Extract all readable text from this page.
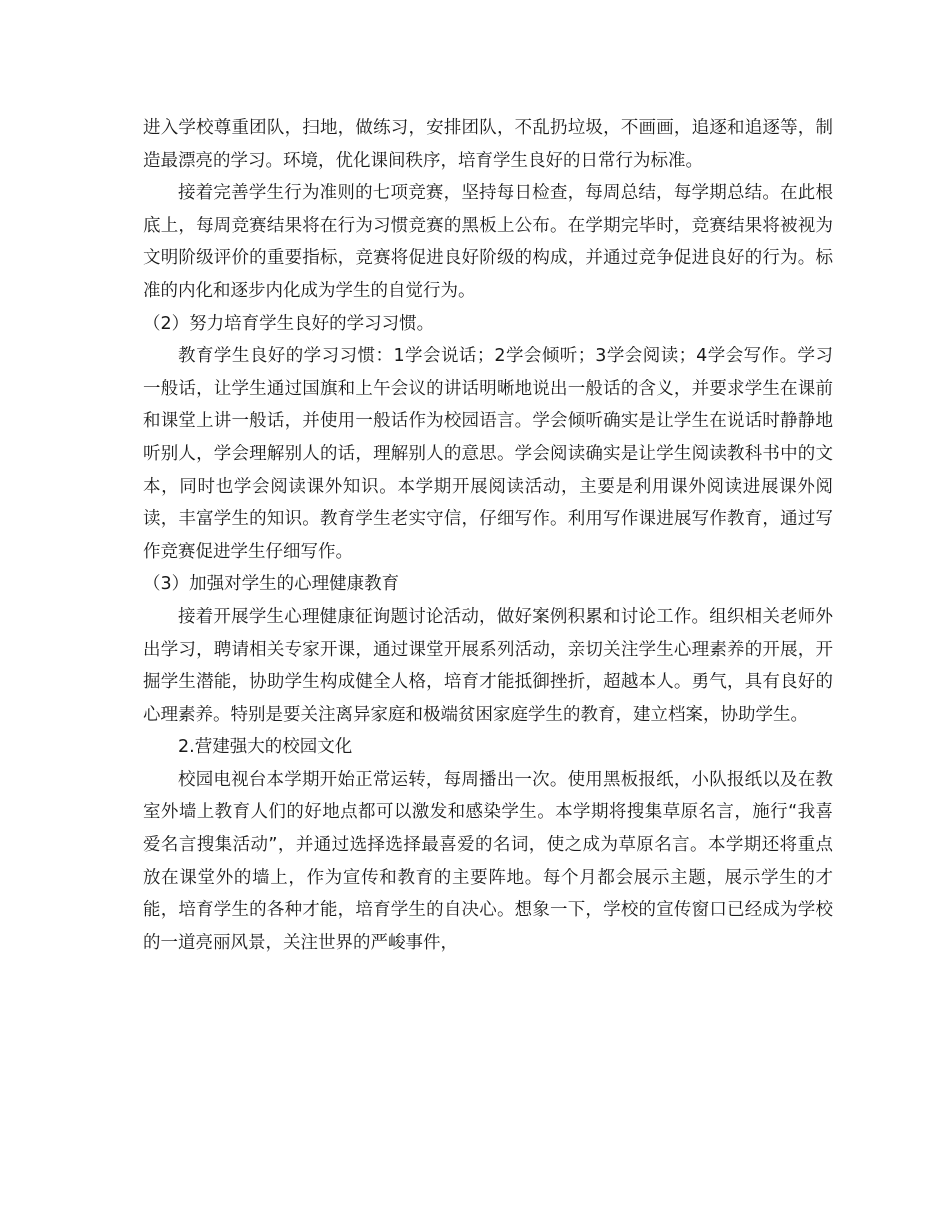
进入学校尊重团队，扫地，做练习，安排团队，不乱扔垃圾，不画画，追逐和追逐等，制造最漂亮的学习。环境，优化课间秩序，培育学生良好的日常行为标准。

接着完善学生行为准则的七项竞赛，坚持每日检查，每周总结，每学期总结。在此根底上，每周竞赛结果将在行为习惯竞赛的黑板上公布。在学期完毕时，竞赛结果将被视为文明阶级评价的重要指标，竞赛将促进良好阶级的构成，并通过竞争促进良好的行为。标准的内化和逐步内化成为学生的自觉行为。

（2）努力培育学生良好的学习习惯。

教育学生良好的学习习惯：1学会说话；2学会倾听；3学会阅读；4学会写作。学习一般话，让学生通过国旗和上午会议的讲话明晰地说出一般话的含义，并要求学生在课前和课堂上讲一般话，并使用一般话作为校园语言。学会倾听确实是让学生在说话时静静地听别人，学会理解别人的话，理解别人的意思。学会阅读确实是让学生阅读教科书中的文本，同时也学会阅读课外知识。本学期开展阅读活动，主要是利用课外阅读进展课外阅读，丰富学生的知识。教育学生老实守信，仔细写作。利用写作课进展写作教育，通过写作竞赛促进学生仔细写作。

（3）加强对学生的心理健康教育

接着开展学生心理健康征询题讨论活动，做好案例积累和讨论工作。组织相关老师外出学习，聘请相关专家开课，通过课堂开展系列活动，亲切关注学生心理素养的开展，开掘学生潜能，协助学生构成健全人格，培育才能抵御挫折，超越本人。勇气，具有良好的心理素养。特别是要关注离异家庭和极端贫困家庭学生的教育，建立档案，协助学生。

2.营建强大的校园文化

校园电视台本学期开始正常运转，每周播出一次。使用黑板报纸，小队报纸以及在教室外墙上教育人们的好地点都可以激发和感染学生。本学期将搜集草原名言，施行“我喜爱名言搜集活动”，并通过选择选择最喜爱的名词，使之成为草原名言。本学期还将重点放在课堂外的墙上，作为宣传和教育的主要阵地。每个月都会展示主题，展示学生的才能，培育学生的各种才能，培育学生的自决心。想象一下，学校的宣传窗口已经成为学校的一道亮丽风景，关注世界的严峻事件，
